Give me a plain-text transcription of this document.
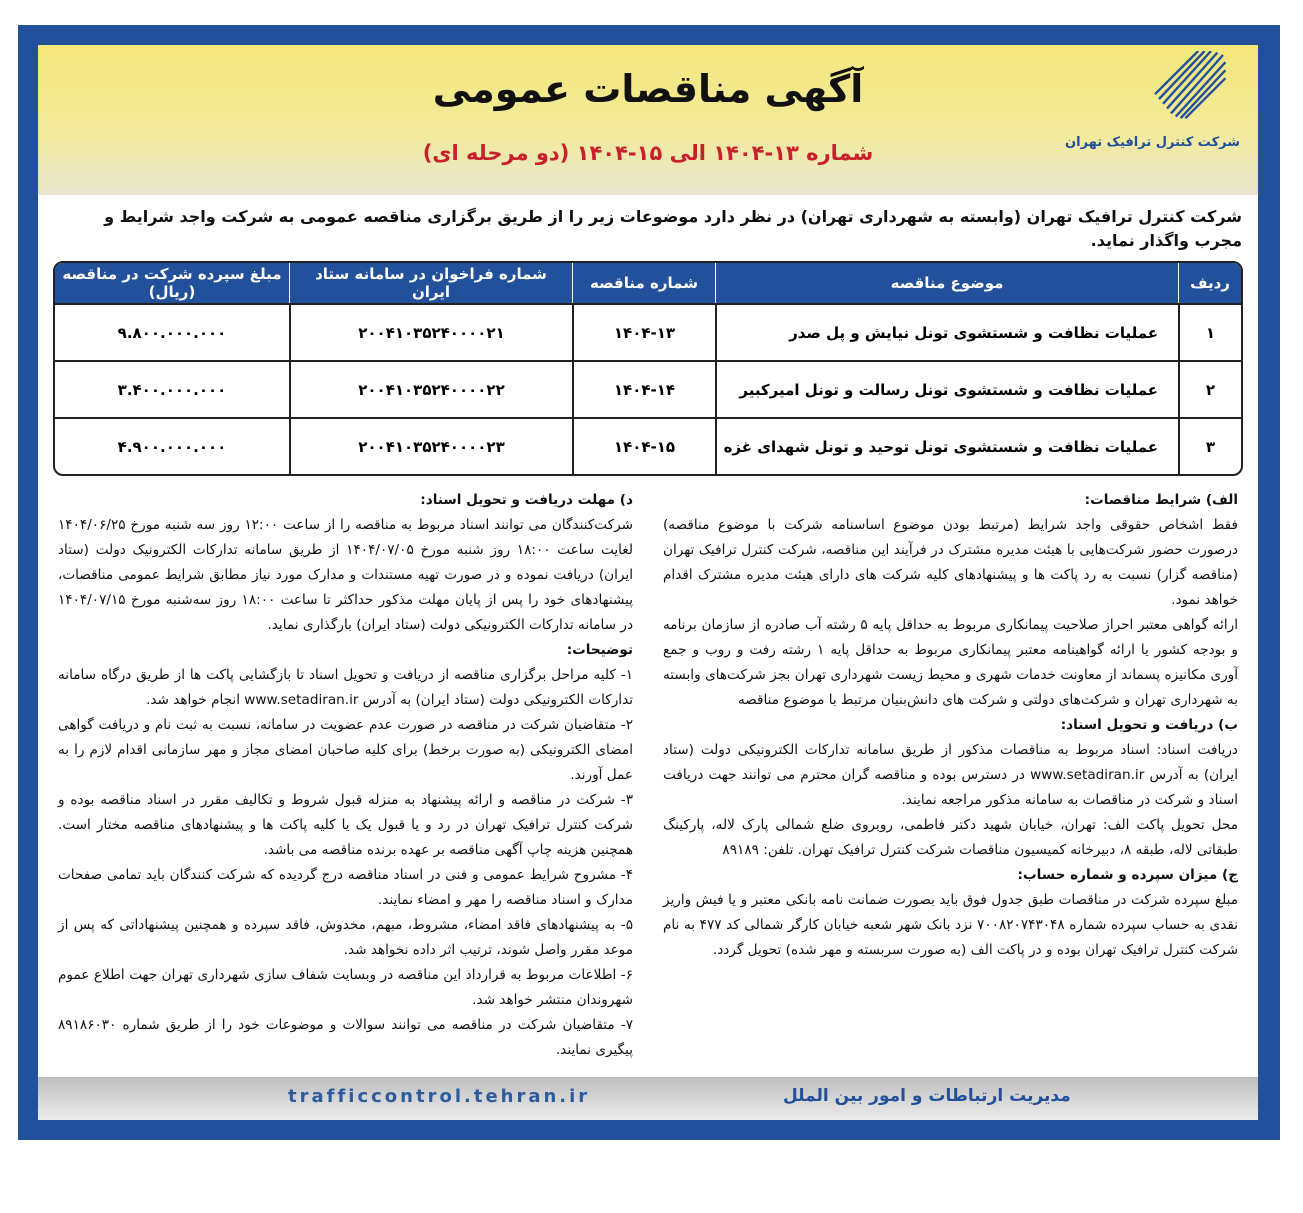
آگهی مناقصات عمومی
شماره ۱۳-۱۴۰۴ الی ۱۵-۱۴۰۴ (دو مرحله ای)	شرکت کنترل ترافیک تهران
شرکت کنترل ترافیک تهران (وابسته به شهرداری تهران) در نظر دارد موضوعات زیر را از طریق برگزاری مناقصه عمومی به شرکت واجد شرایط و مجرب واگذار نماید.
ردیف	موضوع مناقصه	شماره مناقصه	شماره فراخوان در سامانه ستاد ایران	مبلغ سپرده شرکت در مناقصه (ریال)
۱	عملیات نظافت و شستشوی تونل نیایش و پل صدر	۱۴۰۴-۱۳	۲۰۰۴۱۰۳۵۲۴۰۰۰۰۲۱	۹.۸۰۰.۰۰۰.۰۰۰
۲	عملیات نظافت و شستشوی تونل رسالت و تونل امیرکبیر	۱۴۰۴-۱۴	۲۰۰۴۱۰۳۵۲۴۰۰۰۰۲۲	۳.۴۰۰.۰۰۰.۰۰۰
۳	عملیات نظافت و شستشوی تونل توحید و تونل شهدای غزه	۱۴۰۴-۱۵	۲۰۰۴۱۰۳۵۲۴۰۰۰۰۲۳	۴.۹۰۰.۰۰۰.۰۰۰

الف) شرایط مناقصات:

فقط اشخاص حقوقی واجد شرایط (مرتبط بودن موضوع اساسنامه شرکت با موضوع مناقصه) درصورت حضور شرکت‌هایی با هیئت مدیره مشترک در فرآیند این مناقصه، شرکت کنترل ترافیک تهران (مناقصه گزار) نسبت به رد پاکت ها و پیشنهادهای کلیه شرکت های دارای هیئت مدیره مشترک اقدام خواهد نمود.

ارائه گواهی معتبر احراز صلاحیت پیمانکاری مربوط به حداقل پایه ۵ رشته آب صادره از سازمان برنامه و بودجه کشور یا ارائه گواهینامه معتبر پیمانکاری مربوط به حداقل پایه ۱ رشته رفت و روب و جمع آوری مکانیزه پسماند از معاونت خدمات شهری و محیط زیست شهرداری تهران بجز شرکت‌های وابسته به شهرداری تهران و شرکت‌های دولتی و شرکت های دانش‌بنیان مرتبط با موضوع مناقصه

ب) دریافت و تحویل اسناد:

دریافت اسناد: اسناد مربوط به مناقصات مذکور از طریق سامانه تدارکات الکترونیکی دولت (ستاد ایران) به آدرس www.setadiran.ir در دسترس بوده و مناقصه گران محترم می توانند جهت دریافت اسناد و شرکت در مناقصات به سامانه مذکور مراجعه نمایند.

محل تحویل پاکت الف: تهران، خیابان شهید دکتر فاطمی، روبروی ضلع شمالی پارک لاله، پارکینگ طبقاتی لاله، طبقه ۸، دبیرخانه کمیسیون مناقصات شرکت کنترل ترافیک تهران. تلفن: ۸۹۱۸۹

ج) میزان سپرده و شماره حساب:

مبلغ سپرده شرکت در مناقصات طبق جدول فوق باید بصورت ضمانت نامه بانکی معتبر و یا فیش واریز نقدی به حساب سپرده شماره ۷۰۰۸۲۰۷۴۳۰۴۸ نزد بانک شهر شعبه خیابان کارگر شمالی کد ۴۷۷ به نام شرکت کنترل ترافیک تهران بوده و در پاکت الف (به صورت سربسته و مهر شده) تحویل گردد.

د) مهلت دریافت و تحویل اسناد:

شرکت‌کنندگان می توانند اسناد مربوط به مناقصه را از ساعت ۱۲:۰۰ روز سه شنبه مورخ ۱۴۰۴/۰۶/۲۵ لغایت ساعت ۱۸:۰۰ روز شنبه مورخ ۱۴۰۴/۰۷/۰۵ از طریق سامانه تدارکات الکترونیک دولت (ستاد ایران) دریافت نموده و در صورت تهیه مستندات و مدارک مورد نیاز مطابق شرایط عمومی مناقصات، پیشنهادهای خود را پس از پایان مهلت مذکور حداکثر تا ساعت ۱۸:۰۰ روز سه‌شنبه مورخ ۱۴۰۴/۰۷/۱۵ در سامانه تدارکات الکترونیکی دولت (ستاد ایران) بارگذاری نماید.

توضیحات:

۱- کلیه مراحل برگزاری مناقصه از دریافت و تحویل اسناد تا بازگشایی پاکت ها از طریق درگاه سامانه تدارکات الکترونیکی دولت (ستاد ایران) به آدرس www.setadiran.ir انجام خواهد شد.

۲- متقاضیان شرکت در مناقصه در صورت عدم عضویت در سامانه، نسبت به ثبت نام و دریافت گواهی امضای الکترونیکی (به صورت برخط) برای کلیه صاحبان امضای مجاز و مهر سازمانی اقدام لازم را به عمل آورند.

۳- شرکت در مناقصه و ارائه پیشنهاد به منزله قبول شروط و تکالیف مقرر در اسناد مناقصه بوده و شرکت کنترل ترافیک تهران در رد و یا قبول یک یا کلیه پاکت ها و پیشنهادهای مناقصه مختار است. همچنین هزینه چاپ آگهی مناقصه بر عهده برنده مناقصه می باشد.

۴- مشروح شرایط عمومی و فنی در اسناد مناقصه درج گردیده که شرکت کنندگان باید تمامی صفحات مدارک و اسناد مناقصه را مهر و امضاء نمایند.

۵- به پیشنهادهای فاقد امضاء، مشروط، مبهم، مخدوش، فاقد سپرده و همچنین پیشنهاداتی که پس از موعد مقرر واصل شوند، ترتیب اثر داده نخواهد شد.

۶- اطلاعات مربوط به قرارداد این مناقصه در وبسایت شفاف سازی شهرداری تهران جهت اطلاع عموم شهروندان منتشر خواهد شد.

۷- متقاضیان شرکت در مناقصه می توانند سوالات و موضوعات خود را از طریق شماره ۸۹۱۸۶۰۳۰ پیگیری نمایند.

trafficcontrol.tehran.ir	مدیریت ارتباطات و امور بین الملل
